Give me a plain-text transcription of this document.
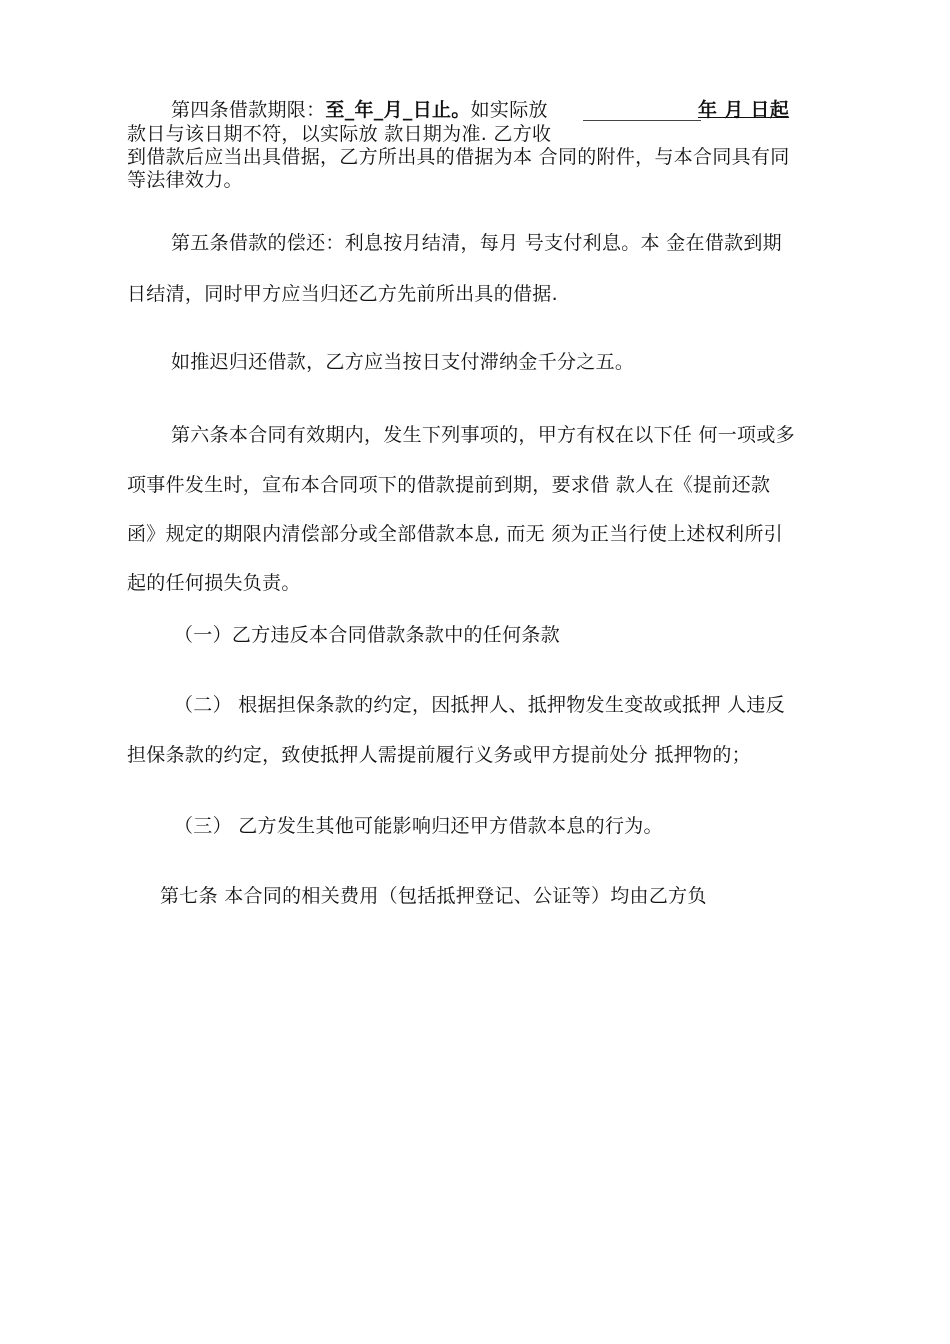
第四条借款期限：至_年_月_日止。如实际放	年 月 日起
款日与该日期不符，以实际放 款日期为准. 乙方收
到借款后应当出具借据，乙方所出具的借据为本 合同的附件，与本合同具有同
等法律效力。
第五条借款的偿还：利息按月结清，每月 号支付利息。本 金在借款到期
日结清，同时甲方应当归还乙方先前所出具的借据.
如推迟归还借款，乙方应当按日支付滞纳金千分之五。
第六条本合同有效期内，发生下列事项的，甲方有权在以下任 何一项或多
项事件发生时，宣布本合同项下的借款提前到期，要求借 款人在《提前还款
函》规定的期限内清偿部分或全部借款本息, 而无 须为正当行使上述权利所引
起的任何损失负责。
（一）乙方违反本合同借款条款中的任何条款
（二） 根据担保条款的约定，因抵押人、抵押物发生变故或抵押 人违反
担保条款的约定，致使抵押人需提前履行义务或甲方提前处分 抵押物的；
（三） 乙方发生其他可能影响归还甲方借款本息的行为。
第七条 本合同的相关费用（包括抵押登记、公证等）均由乙方负
